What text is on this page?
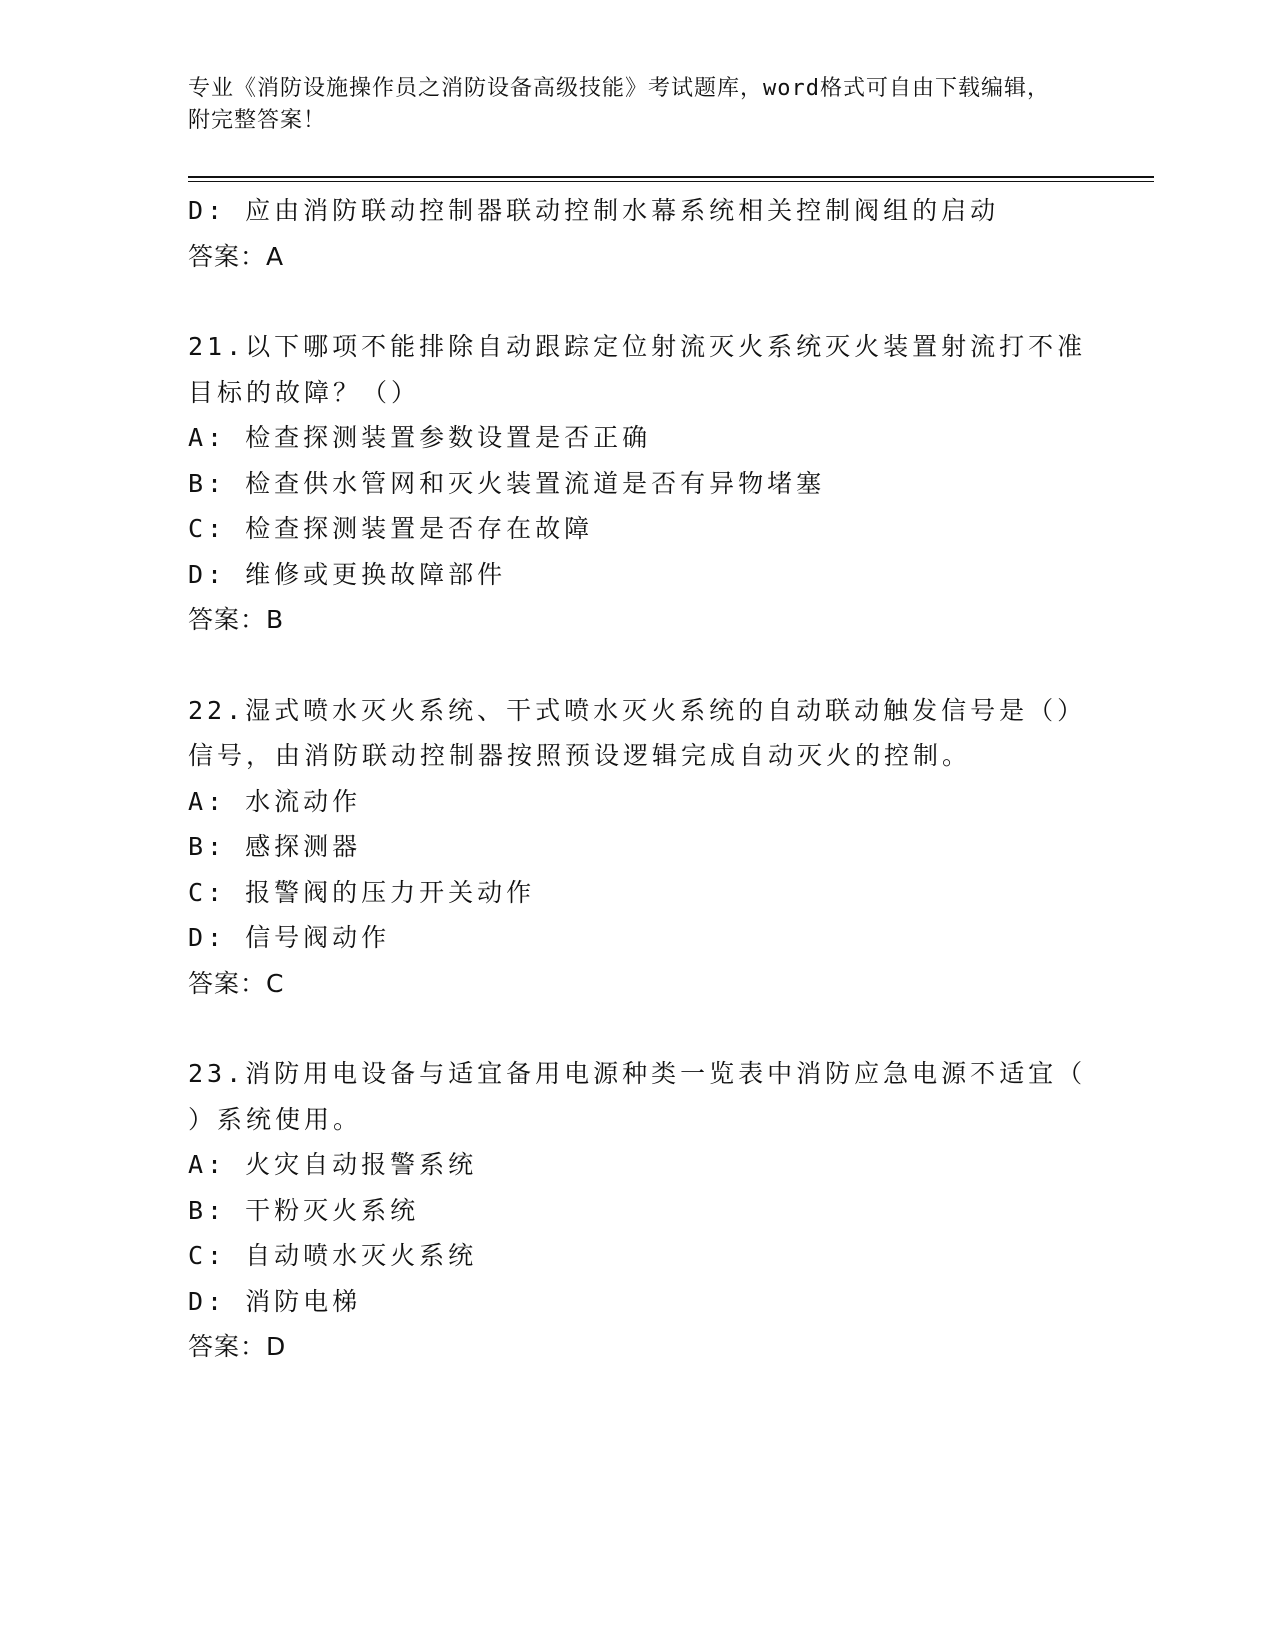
专业《消防设施操作员之消防设备高级技能》考试题库，word格式可自由下载编辑，附完整答案！
D: 应由消防联动控制器联动控制水幕系统相关控制阀组的启动
答案：A
21.以下哪项不能排除自动跟踪定位射流灭火系统灭火装置射流打不准
目标的故障？（）
A: 检查探测装置参数设置是否正确
B: 检查供水管网和灭火装置流道是否有异物堵塞
C: 检查探测装置是否存在故障
D: 维修或更换故障部件
答案：B
22.湿式喷水灭火系统、干式喷水灭火系统的自动联动触发信号是（）
信号，由消防联动控制器按照预设逻辑完成自动灭火的控制。
A: 水流动作
B: 感探测器
C: 报警阀的压力开关动作
D: 信号阀动作
答案：C
23.消防用电设备与适宜备用电源种类一览表中消防应急电源不适宜（
）系统使用。
A: 火灾自动报警系统
B: 干粉灭火系统
C: 自动喷水灭火系统
D: 消防电梯
答案：D
